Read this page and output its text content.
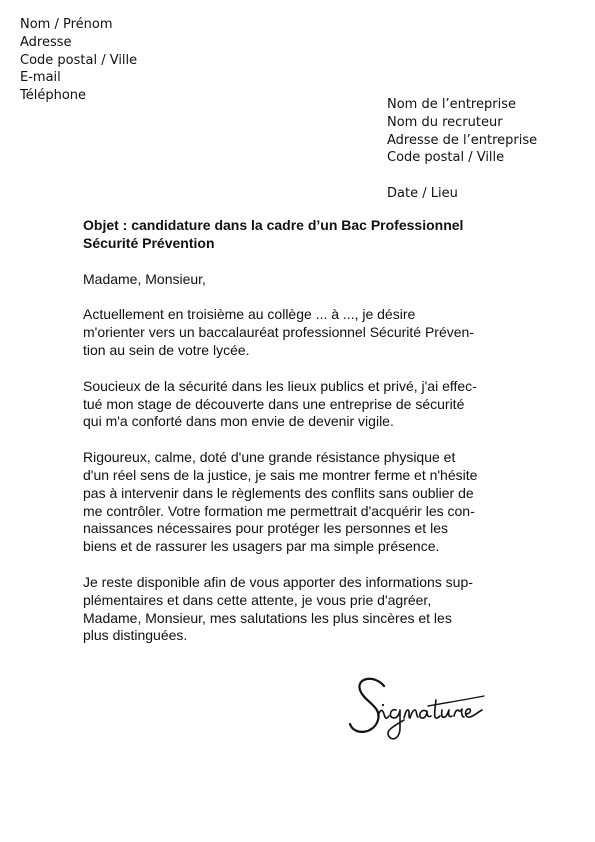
Nom / Prénom
Adresse
Code postal / Ville
E-mail
Téléphone
Nom de l’entreprise
Nom du recruteur
Adresse de l’entreprise
Code postal / Ville
Date / Lieu
Objet : candidature dans la cadre d’un Bac Professionnel
Sécurité Prévention
Madame, Monsieur,
Actuellement en troisième au collège ... à ..., je désire
m'orienter vers un baccalauréat professionnel Sécurité Préven-
tion au sein de votre lycée.
Soucieux de la sécurité dans les lieux publics et privé, j'ai effec-
tué mon stage de découverte dans une entreprise de sécurité
qui m'a conforté dans mon envie de devenir vigile.
Rigoureux, calme, doté d'une grande résistance physique et
d'un réel sens de la justice, je sais me montrer ferme et n'hésite
pas à intervenir dans le règlements des conflits sans oublier de
me contrôler. Votre formation me permettrait d'acquérir les con-
naissances nécessaires pour protéger les personnes et les
biens et de rassurer les usagers par ma simple présence.
Je reste disponible afin de vous apporter des informations sup-
plémentaires et dans cette attente, je vous prie d'agréer,
Madame, Monsieur, mes salutations les plus sincères et les
plus distinguées.
